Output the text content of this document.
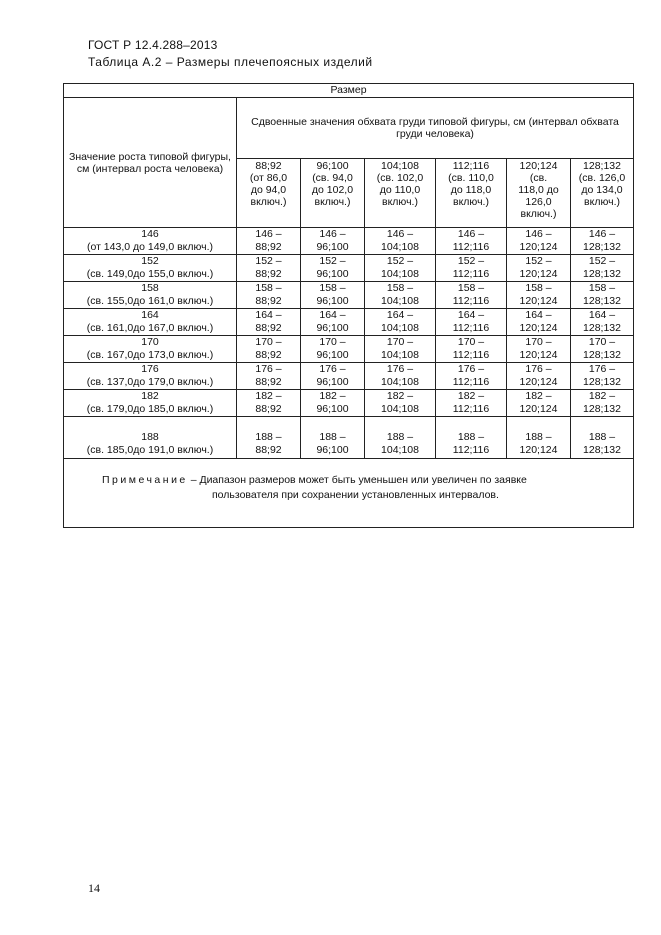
ГОСТ Р 12.4.288–2013
Таблица А.2 – Размеры плечепоясных изделий
Размер						
Значение роста типовой фигуры, см (интервал роста человека)	Сдвоенные значения обхвата груди типовой фигуры, см (интервал обхвата груди человека)					

	88;92
(от 86,0
до 94,0
включ.)	96;100
(св. 94,0
до 102,0
включ.)	104;108
(св. 102,0
до 110,0
включ.)	112;116
(св. 110,0
до 118,0
включ.)	120;124
(св.
118,0 до
126,0
включ.)	128;132
(св. 126,0
до 134,0
включ.)

146
(от 143,0 до 149,0 включ.)	146 –
88;92	146 –
96;100	146 –
104;108	146 –
112;116	146 –
120;124	146 –
128;132

152
(св. 149,0до 155,0 включ.)	152 –
88;92	152 –
96;100	152 –
104;108	152 –
112;116	152 –
120;124	152 –
128;132

158
(св. 155,0до 161,0 включ.)	158 –
88;92	158 –
96;100	158 –
104;108	158 –
112;116	158 –
120;124	158 –
128;132

164
(св. 161,0до 167,0 включ.)	164 –
88;92	164 –
96;100	164 –
104;108	164 –
112;116	164 –
120;124	164 –
128;132

170
(св. 167,0до 173,0 включ.)	170 –
88;92	170 –
96;100	170 –
104;108	170 –
112;116	170 –
120;124	170 –
128;132

176
(св. 137,0до 179,0 включ.)	176 –
88;92	176 –
96;100	176 –
104;108	176 –
112;116	176 –
120;124	176 –
128;132

182
(св. 179,0до 185,0 включ.)	182 –
88;92	182 –
96;100	182 –
104;108	182 –
112;116	182 –
120;124	182 –
128;132

188
(св. 185,0до 191,0 включ.)	188 –
88;92	188 –
96;100	188 –
104;108	188 –
112;116	188 –
120;124	188 –
128;132

Примечание – Диапазон размеров может быть уменьшен или увеличен по заявке
пользователя при сохранении установленных интервалов.						
14
